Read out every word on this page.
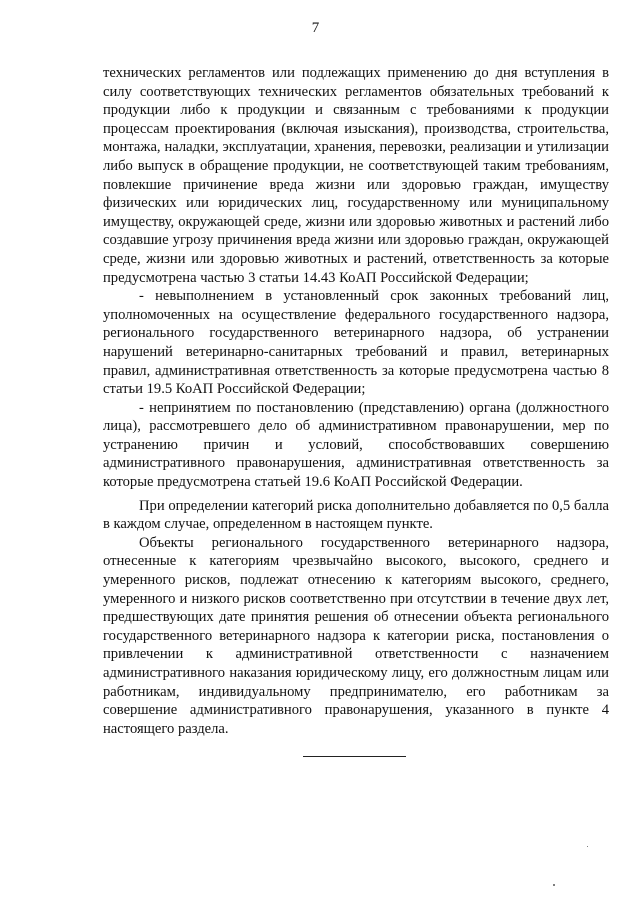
7

технических регламентов или подлежащих применению до дня вступления в силу соответствующих технических регламентов обязательных требований к продукции либо к продукции и связанным с требованиями к продукции процессам проектирования (включая изыскания), производства, строительства, монтажа, наладки, эксплуатации, хранения, перевозки, реализации и утилизации либо выпуск в обращение продукции, не соответствующей таким требованиям, повлекшие причинение вреда жизни или здоровью граждан, имуществу физических или юридических лиц, государственному или муниципальному имуществу, окружающей среде, жизни или здоровью животных и растений либо создавшие угрозу причинения вреда жизни или здоровью граждан, окружающей среде, жизни или здоровью животных и растений, ответственность за которые предусмотрена частью 3 статьи 14.43 КоАП Российской Федерации;

- невыполнением в установленный срок законных требований лиц, уполномоченных на осуществление федерального государственного надзора, регионального государственного ветеринарного надзора, об устранении нарушений ветеринарно-санитарных требований и правил, ветеринарных правил, административная ответственность за которые предусмотрена частью 8 статьи 19.5 КоАП Российской Федерации;

- непринятием по постановлению (представлению) органа (должностного лица), рассмотревшего дело об административном правонарушении, мер по устранению причин и условий, способствовавших совершению административного правонарушения, административная ответственность за которые предусмотрена статьей 19.6 КоАП Российской Федерации.

При определении категорий риска дополнительно добавляется по 0,5 балла в каждом случае, определенном в настоящем пункте.

Объекты регионального государственного ветеринарного надзора, отнесенные к категориям чрезвычайно высокого, высокого, среднего и умеренного рисков, подлежат отнесению к категориям высокого, среднего, умеренного и низкого рисков соответственно при отсутствии в течение двух лет, предшествующих дате принятия решения об отнесении объекта регионального государственного ветеринарного надзора к категории риска, постановления о привлечении к административной ответственности с назначением административного наказания юридическому лицу, его должностным лицам или работникам, индивидуальному предпринимателю, его работникам за совершение административного правонарушения, указанного в пункте 4 настоящего раздела.
